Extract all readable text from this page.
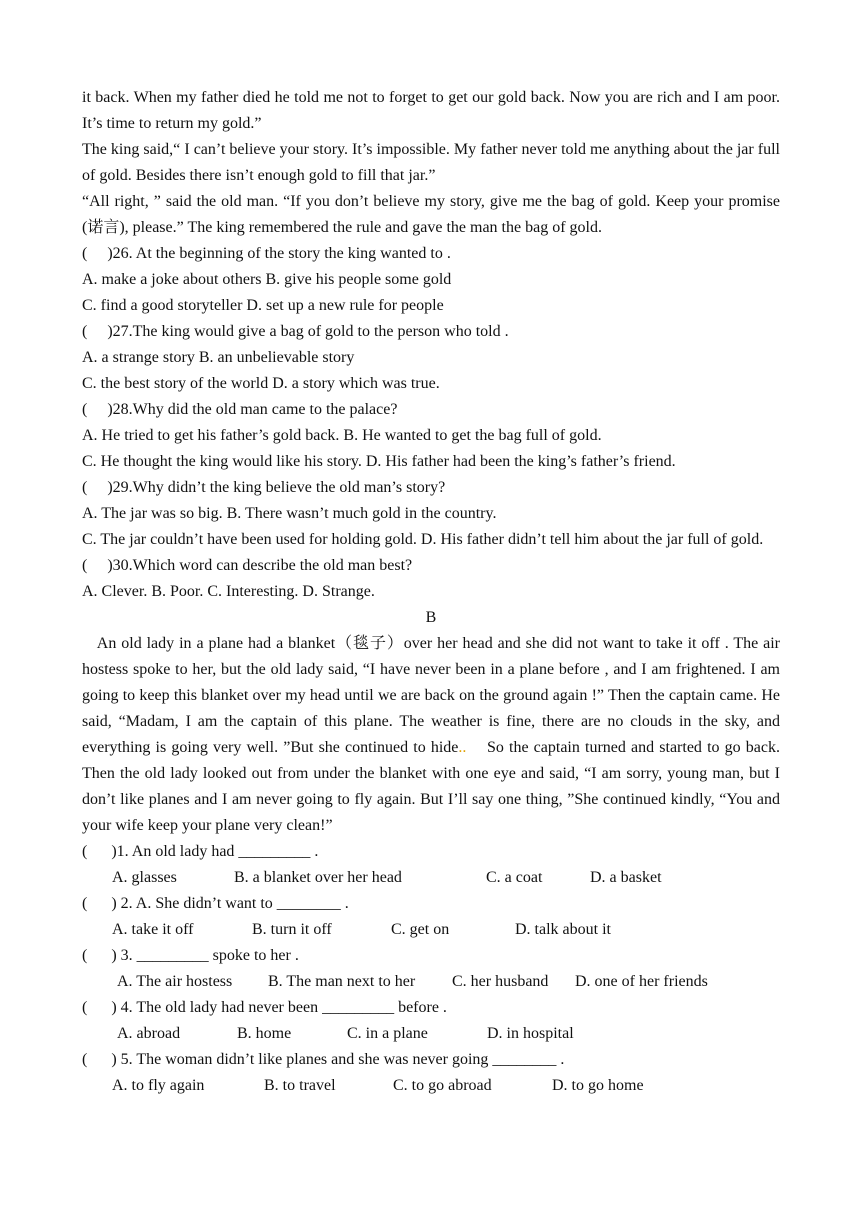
it back. When my father died he told me not to forget to get our gold back. Now you are rich and I am poor. It’s time to return my gold.”

The king said,“ I can’t believe your story. It’s impossible. My father never told me anything about the jar full of gold. Besides there isn’t enough gold to fill that jar.”

“All right, ” said the old man. “If you don’t believe my story, give me the bag of gold. Keep your promise (诺言), please.” The king remembered the rule and gave the man the bag of gold.

(     )26. At the beginning of the story the king wanted to .

A. make a joke about others B. give his people some gold

C. find a good storyteller D. set up a new rule for people

(     )27.The king would give a bag of gold to the person who told .

A. a strange story B. an unbelievable story

C. the best story of the world D. a story which was true.

(     )28.Why did the old man came to the palace?

A. He tried to get his father’s gold back. B. He wanted to get the bag full of gold.

C. He thought the king would like his story. D. His father had been the king’s father’s friend.

(     )29.Why didn’t the king believe the old man’s story?

A. The jar was so big. B. There wasn’t much gold in the country.

C. The jar couldn’t have been used for holding gold. D. His father didn’t tell him about the jar full of gold.

(     )30.Which word can describe the old man best?

A. Clever. B. Poor. C. Interesting. D. Strange.

B

An old lady in a plane had a blanket（毯子）over her head and she did not want to take it off . The air hostess spoke to her, but the old lady said, “I have never been in a plane before , and I am frightened. I am going to keep this blanket over my head until we are back on the ground again !” Then the captain came. He said, “Madam, I am the captain of this plane. The weather is fine, there are no clouds in the sky, and everything is going very well. ”But she continued to hide..    So the captain turned and started to go back. Then the old lady looked out from under the blanket with one eye and said, “I am sorry, young man, but I don’t like planes and I am never going to fly again. But I’ll say one thing, ”She continued kindly, “You and your wife keep your plane very clean!”

(      )1. An old lady had _________ .

A. glasses	B. a blanket over her head	C. a coat	D. a basket

(      ) 2. A. She didn’t want to ________ .

A. take it off	B. turn it off	C. get on	D. talk about it

(      ) 3. _________ spoke to her .

A. The air hostess	B. The man next to her	C. her husband	D. one of her friends

(      ) 4. The old lady had never been _________ before .

A. abroad	B. home	C. in a plane	D. in hospital

(      ) 5. The woman didn’t like planes and she was never going ________ .

A. to fly again	B. to travel	C. to go abroad	D. to go home
